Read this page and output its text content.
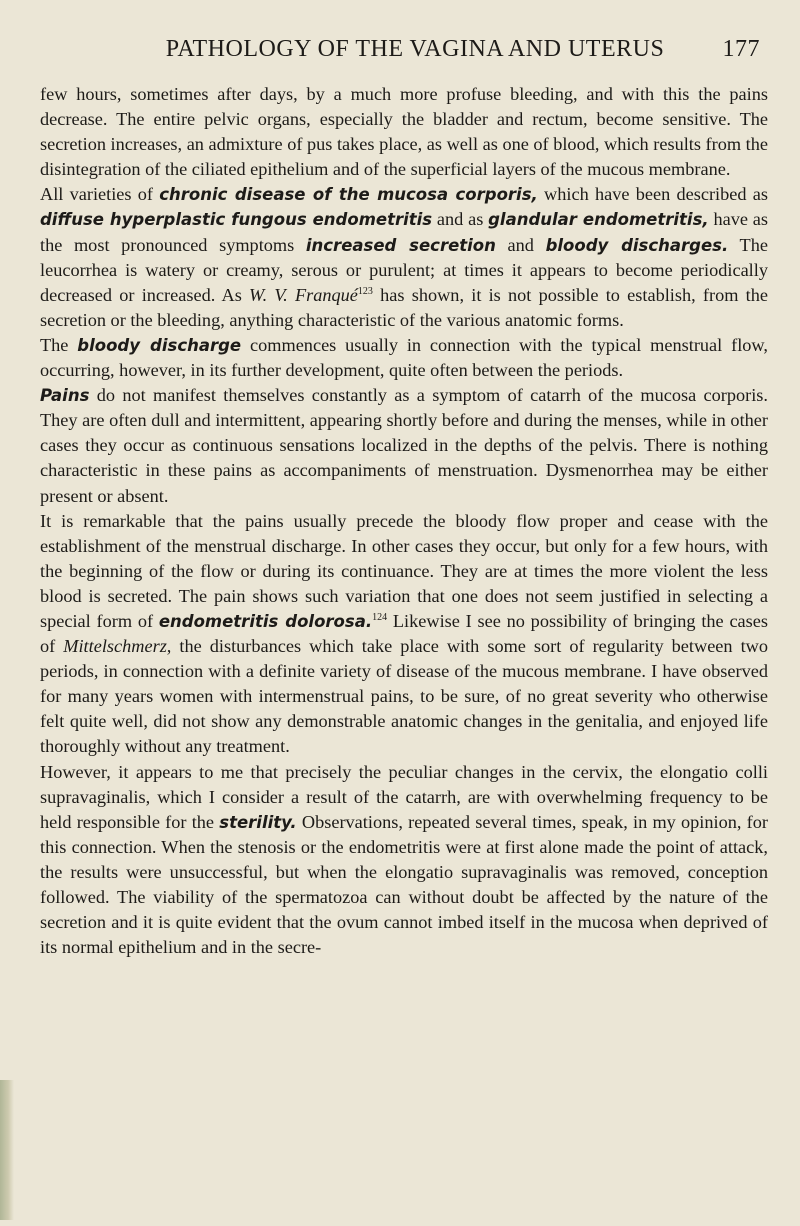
PATHOLOGY OF THE VAGINA AND UTERUS	177

few hours, sometimes after days, by a much more profuse bleeding, and with this the pains decrease. The entire pelvic organs, especially the bladder and rectum, become sensitive. The secretion increases, an admixture of pus takes place, as well as one of blood, which results from the disintegration of the ciliated epithelium and of the superficial layers of the mucous membrane.

All varieties of chronic disease of the mucosa corporis, which have been described as diffuse hyperplastic fungous endometritis and as glandular endometritis, have as the most pronounced symptoms increased secretion and bloody discharges. The leucorrhea is watery or creamy, serous or purulent; at times it appears to become periodically decreased or increased. As W. V. Franqué$^{123}$ has shown, it is not possible to establish, from the secretion or the bleeding, anything characteristic of the various anatomic forms.

The bloody discharge commences usually in connection with the typical menstrual flow, occurring, however, in its further development, quite often between the periods.

Pains do not manifest themselves constantly as a symptom of catarrh of the mucosa corporis. They are often dull and intermittent, appearing shortly before and during the menses, while in other cases they occur as continuous sensations localized in the depths of the pelvis. There is nothing characteristic in these pains as accompaniments of menstruation. Dysmenorrhea may be either present or absent.

It is remarkable that the pains usually precede the bloody flow proper and cease with the establishment of the menstrual discharge. In other cases they occur, but only for a few hours, with the beginning of the flow or during its continuance. They are at times the more violent the less blood is secreted. The pain shows such variation that one does not seem justified in selecting a special form of endometritis dolorosa.$^{124}$ Likewise I see no possibility of bringing the cases of Mittelschmerz, the disturbances which take place with some sort of regularity between two periods, in connection with a definite variety of disease of the mucous membrane. I have observed for many years women with intermenstrual pains, to be sure, of no great severity who otherwise felt quite well, did not show any demonstrable anatomic changes in the genitalia, and enjoyed life thoroughly without any treatment.

However, it appears to me that precisely the peculiar changes in the cervix, the elongatio colli supravaginalis, which I consider a result of the catarrh, are with overwhelming frequency to be held responsible for the sterility. Observations, repeated several times, speak, in my opinion, for this connection. When the stenosis or the endometritis were at first alone made the point of attack, the results were unsuccessful, but when the elongatio supravaginalis was removed, conception followed. The viability of the spermatozoa can without doubt be affected by the nature of the secretion and it is quite evident that the ovum cannot imbed itself in the mucosa when deprived of its normal epithelium and in the secre-
